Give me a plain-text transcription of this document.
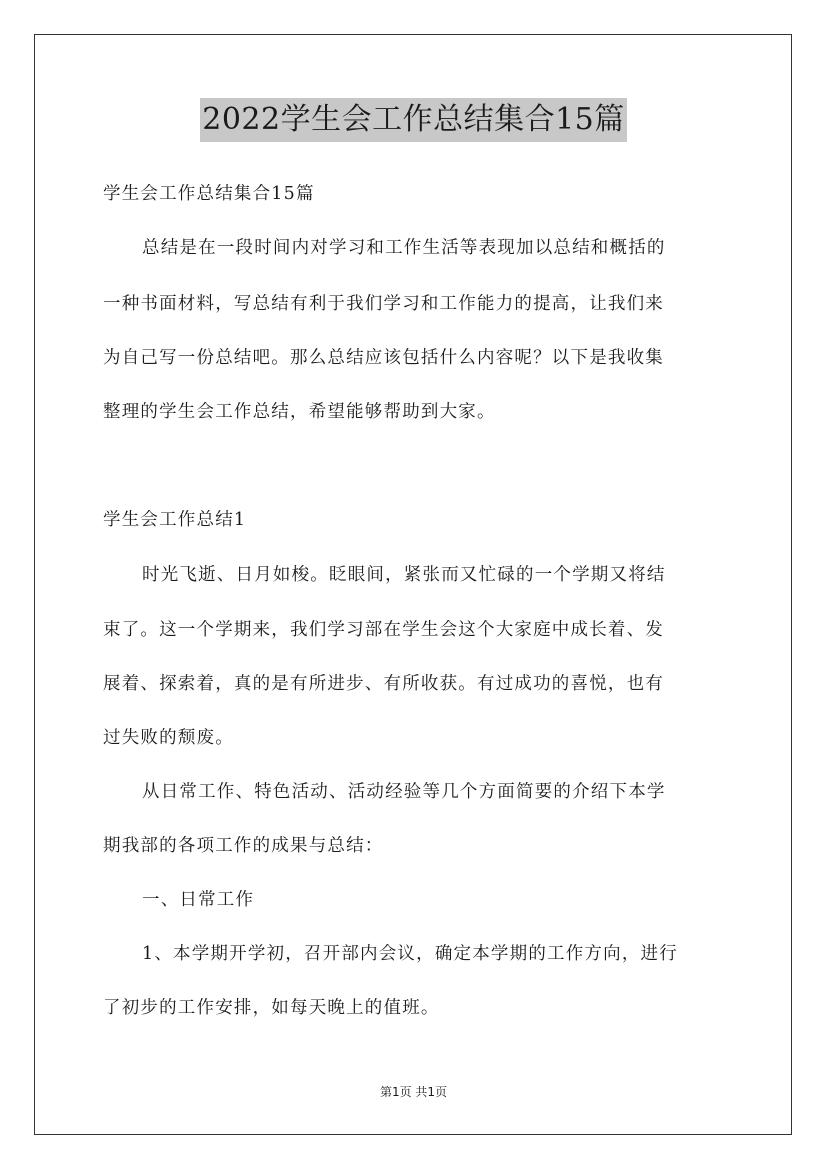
2022学生会工作总结集合15篇
学生会工作总结集合15篇
总结是在一段时间内对学习和工作生活等表现加以总结和概括的
一种书面材料，写总结有利于我们学习和工作能力的提高，让我们来
为自己写一份总结吧。那么总结应该包括什么内容呢？以下是我收集
整理的学生会工作总结，希望能够帮助到大家。
学生会工作总结1
时光飞逝、日月如梭。眨眼间，紧张而又忙碌的一个学期又将结
束了。这一个学期来，我们学习部在学生会这个大家庭中成长着、发
展着、探索着，真的是有所进步、有所收获。有过成功的喜悦，也有
过失败的颓废。
从日常工作、特色活动、活动经验等几个方面简要的介绍下本学
期我部的各项工作的成果与总结：
一、日常工作
1、本学期开学初，召开部内会议，确定本学期的工作方向，进行
了初步的工作安排，如每天晚上的值班。
第1页 共1页
